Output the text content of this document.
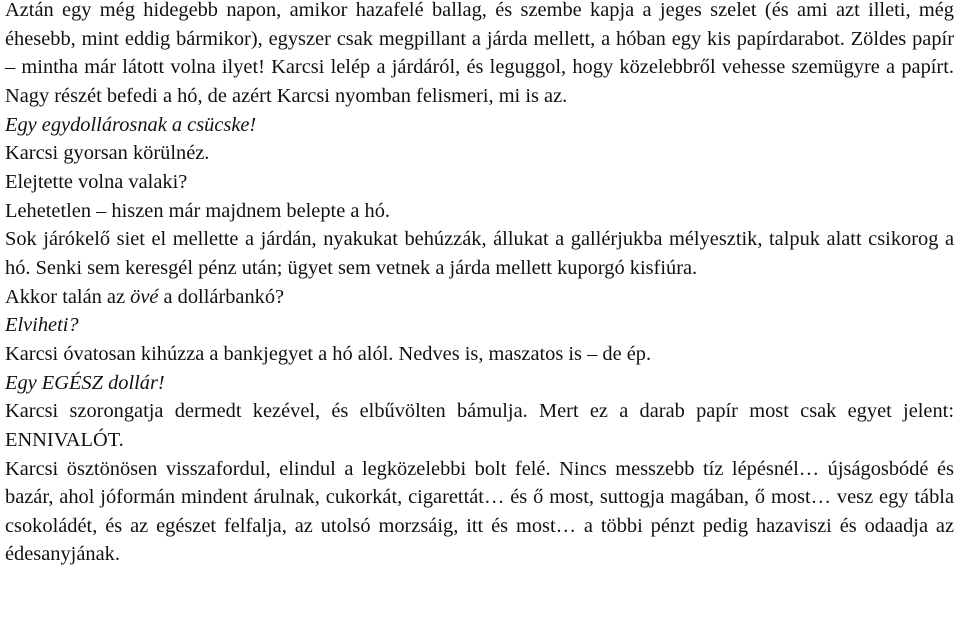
Aztán egy még hidegebb napon, amikor hazafelé ballag, és szembe kapja a jeges szelet (és ami azt illeti, még éhesebb, mint eddig bármikor), egyszer csak megpillant a járda mellett, a hóban egy kis papírdarabot. Zöldes papír – mintha már látott volna ilyet! Karcsi lelép a járdáról, és leguggol, hogy közelebbről vehesse szemügyre a papírt. Nagy részét befedi a hó, de azért Karcsi nyomban felismeri, mi is az.

Egy egydollárosnak a csücske!

Karcsi gyorsan körülnéz.

Elejtette volna valaki?

Lehetetlen – hiszen már majdnem belepte a hó.

Sok járókelő siet el mellette a járdán, nyakukat behúzzák, állukat a gallérjukba mélyesztik, talpuk alatt csikorog a hó. Senki sem keresgél pénz után; ügyet sem vetnek a járda mellett kuporgó kisfiúra.

Akkor talán az övé a dollárbankó?

Elviheti?

Karcsi óvatosan kihúzza a bankjegyet a hó alól. Nedves is, maszatos is – de ép.

Egy EGÉSZ dollár!

Karcsi szorongatja dermedt kezével, és elbűvölten bámulja. Mert ez a darab papír most csak egyet jelent: ENNIVALÓT.

Karcsi ösztönösen visszafordul, elindul a legközelebbi bolt felé. Nincs messzebb tíz lépésnél… újságosbódé és bazár, ahol jóformán mindent árulnak, cukorkát, cigarettát… és ő most, suttogja magában, ő most… vesz egy tábla csokoládét, és az egészet felfalja, az utolsó morzsáig, itt és most… a többi pénzt pedig hazaviszi és odaadja az édesanyjának.
